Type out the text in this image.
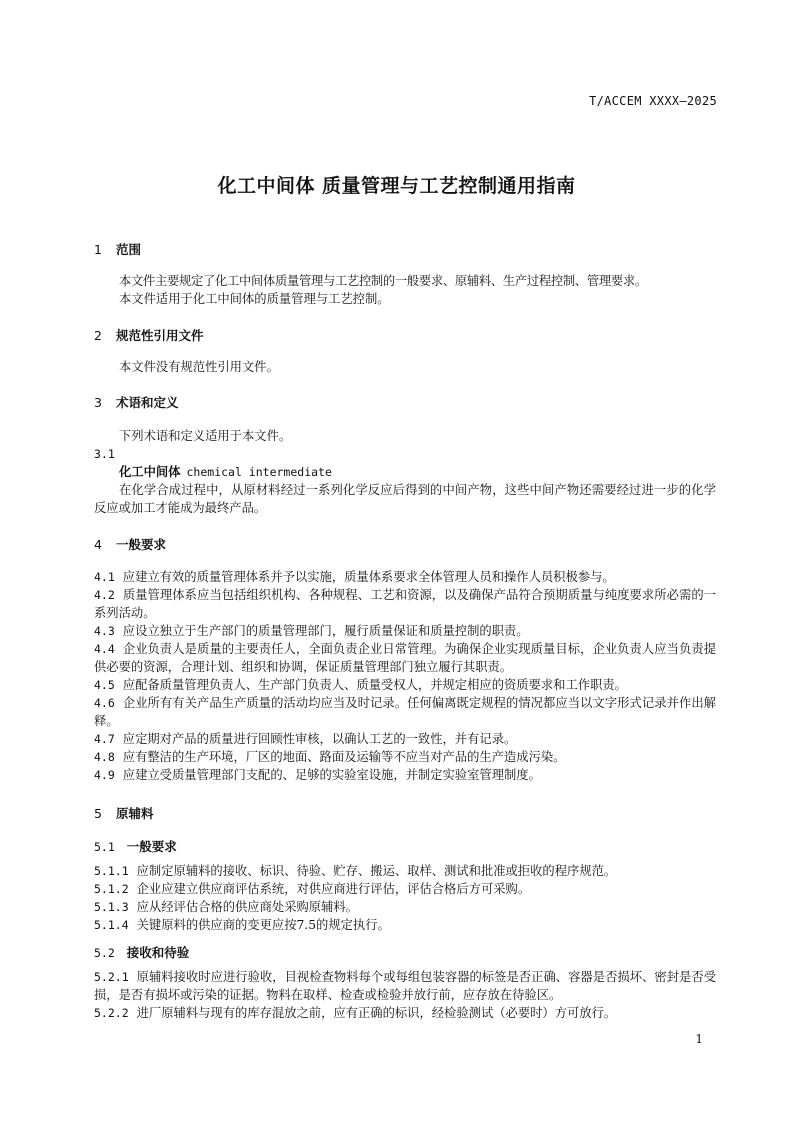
T/ACCEM XXXX—2025
化工中间体 质量管理与工艺控制通用指南
1 范围
本文件主要规定了化工中间体质量管理与工艺控制的一般要求、原辅料、生产过程控制、管理要求。
本文件适用于化工中间体的质量管理与工艺控制。
2 规范性引用文件
本文件没有规范性引用文件。
3 术语和定义
下列术语和定义适用于本文件。
3.1
化工中间体 chemical intermediate
在化学合成过程中，从原材料经过一系列化学反应后得到的中间产物，这些中间产物还需要经过进一步的化学反应或加工才能成为最终产品。
4 一般要求
4.1 应建立有效的质量管理体系并予以实施，质量体系要求全体管理人员和操作人员积极参与。
4.2 质量管理体系应当包括组织机构、各种规程、工艺和资源，以及确保产品符合预期质量与纯度要求所必需的一系列活动。
4.3 应设立独立于生产部门的质量管理部门，履行质量保证和质量控制的职责。
4.4 企业负责人是质量的主要责任人，全面负责企业日常管理。为确保企业实现质量目标，企业负责人应当负责提供必要的资源，合理计划、组织和协调，保证质量管理部门独立履行其职责。
4.5 应配备质量管理负责人、生产部门负责人、质量受权人，并规定相应的资质要求和工作职责。
4.6 企业所有有关产品生产质量的活动均应当及时记录。任何偏离既定规程的情况都应当以文字形式记录并作出解释。
4.7 应定期对产品的质量进行回顾性审核，以确认工艺的一致性，并有记录。
4.8 应有整洁的生产环境，厂区的地面、路面及运输等不应当对产品的生产造成污染。
4.9 应建立受质量管理部门支配的、足够的实验室设施，并制定实验室管理制度。
5 原辅料
5.1 一般要求
5.1.1 应制定原辅料的接收、标识、待验、贮存、搬运、取样、测试和批准或拒收的程序规范。
5.1.2 企业应建立供应商评估系统，对供应商进行评估，评估合格后方可采购。
5.1.3 应从经评估合格的供应商处采购原辅料。
5.1.4 关键原料的供应商的变更应按7.5的规定执行。
5.2 接收和待验
5.2.1 原辅料接收时应进行验收，目视检查物料每个或每组包装容器的标签是否正确、容器是否损坏、密封是否受损，是否有损坏或污染的证据。物料在取样、检查或检验并放行前，应存放在待验区。
5.2.2 进厂原辅料与现有的库存混放之前，应有正确的标识，经检验测试（必要时）方可放行。
1
